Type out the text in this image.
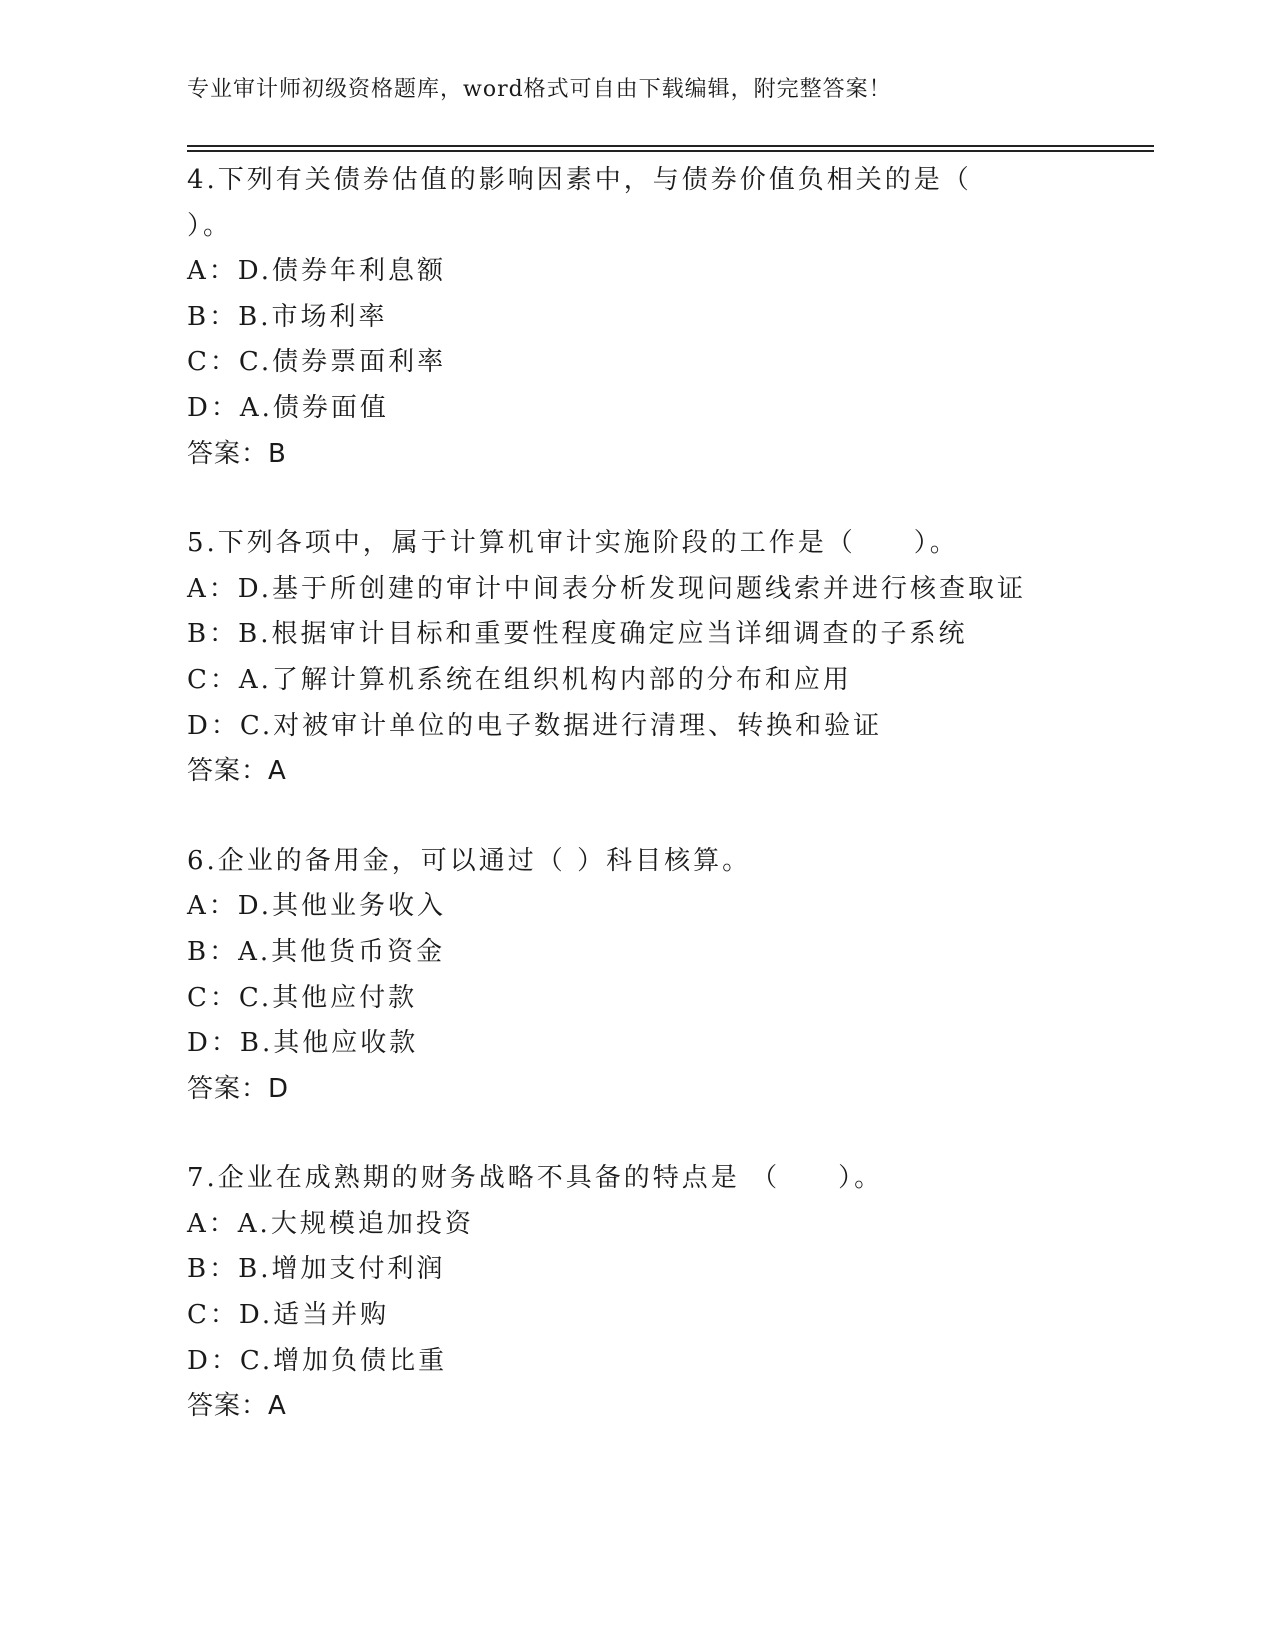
专业审计师初级资格题库，word格式可自由下载编辑，附完整答案！
4.下列有关债券估值的影响因素中，与债券价值负相关的是（
）。
A：D.债券年利息额
B：B.市场利率
C：C.债券票面利率
D：A.债券面值
答案：B
5.下列各项中，属于计算机审计实施阶段的工作是（　　）。
A：D.基于所创建的审计中间表分析发现问题线索并进行核查取证
B：B.根据审计目标和重要性程度确定应当详细调查的子系统
C：A.了解计算机系统在组织机构内部的分布和应用
D：C.对被审计单位的电子数据进行清理、转换和验证
答案：A
6.企业的备用金，可以通过（ ）科目核算。
A：D.其他业务收入
B：A.其他货币资金
C：C.其他应付款
D：B.其他应收款
答案：D
7.企业在成熟期的财务战略不具备的特点是 （　　）。
A：A.大规模追加投资
B：B.增加支付利润
C：D.适当并购
D：C.增加负债比重
答案：A
